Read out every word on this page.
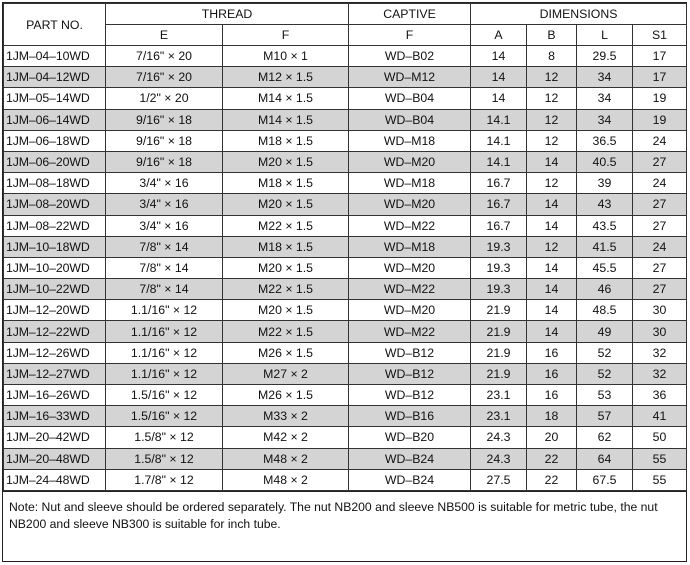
PART NO.	THREAD		CAPTIVE	DIMENSIONS			
	E	F	F	A	B	L	S1
1JM–04–10WD	7/16" × 20	M10 × 1	WD–B02	14	8	29.5	17
1JM–04–12WD	7/16" × 20	M12 × 1.5	WD–M12	14	12	34	17
1JM–05–14WD	1/2" × 20	M14 × 1.5	WD–B04	14	12	34	19
1JM–06–14WD	9/16" × 18	M14 × 1.5	WD–B04	14.1	12	34	19
1JM–06–18WD	9/16" × 18	M18 × 1.5	WD–M18	14.1	12	36.5	24
1JM–06–20WD	9/16" × 18	M20 × 1.5	WD–M20	14.1	14	40.5	27
1JM–08–18WD	3/4" × 16	M18 × 1.5	WD–M18	16.7	12	39	24
1JM–08–20WD	3/4" × 16	M20 × 1.5	WD–M20	16.7	14	43	27
1JM–08–22WD	3/4" × 16	M22 × 1.5	WD–M22	16.7	14	43.5	27
1JM–10–18WD	7/8" × 14	M18 × 1.5	WD–M18	19.3	12	41.5	24
1JM–10–20WD	7/8" × 14	M20 × 1.5	WD–M20	19.3	14	45.5	27
1JM–10–22WD	7/8" × 14	M22 × 1.5	WD–M22	19.3	14	46	27
1JM–12–20WD	1.1/16" × 12	M20 × 1.5	WD–M20	21.9	14	48.5	30
1JM–12–22WD	1.1/16" × 12	M22 × 1.5	WD–M22	21.9	14	49	30
1JM–12–26WD	1.1/16" × 12	M26 × 1.5	WD–B12	21.9	16	52	32
1JM–12–27WD	1.1/16" × 12	M27 × 2	WD–B12	21.9	16	52	32
1JM–16–26WD	1.5/16" × 12	M26 × 1.5	WD–B12	23.1	16	53	36
1JM–16–33WD	1.5/16" × 12	M33 × 2	WD–B16	23.1	18	57	41
1JM–20–42WD	1.5/8" × 12	M42 × 2	WD–B20	24.3	20	62	50
1JM–20–48WD	1.5/8" × 12	M48 × 2	WD–B24	24.3	22	64	55
1JM–24–48WD	1.7/8" × 12	M48 × 2	WD–B24	27.5	22	67.5	55
Note: Nut and sleeve should be ordered separately. The nut NB200 and sleeve NB500 is suitable for metric tube, the nut NB200 and sleeve NB300 is suitable for inch tube.
